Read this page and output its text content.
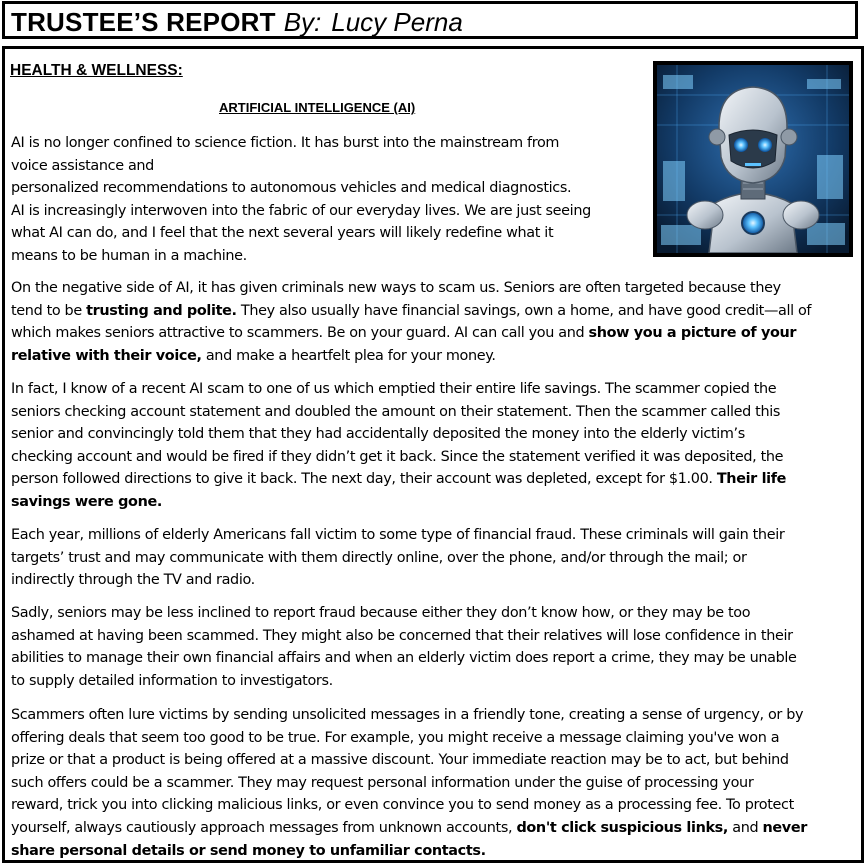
TRUSTEE’S REPORT By: Lucy Perna
HEALTH & WELLNESS:
ARTIFICIAL INTELLIGENCE (AI)

AI is no longer confined to science fiction. It has burst into the mainstream from
voice assistance and
personalized recommendations to autonomous vehicles and medical diagnostics.
AI is increasingly interwoven into the fabric of our everyday lives. We are just seeing
what AI can do, and I feel that the next several years will likely redefine what it
means to be human in a machine.

On the negative side of AI, it has given criminals new ways to scam us. Seniors are often targeted because they
tend to be trusting and polite. They also usually have financial savings, own a home, and have good credit—all of
which makes seniors attractive to scammers. Be on your guard. AI can call you and show you a picture of your
relative with their voice, and make a heartfelt plea for your money.

In fact, I know of a recent AI scam to one of us which emptied their entire life savings. The scammer copied the
seniors checking account statement and doubled the amount on their statement. Then the scammer called this
senior and convincingly told them that they had accidentally deposited the money into the elderly victim’s
checking account and would be fired if they didn’t get it back. Since the statement verified it was deposited, the
person followed directions to give it back. The next day, their account was depleted, except for $1.00. Their life
savings were gone.

Each year, millions of elderly Americans fall victim to some type of financial fraud. These criminals will gain their
targets’ trust and may communicate with them directly online, over the phone, and/or through the mail; or
indirectly through the TV and radio.

Sadly, seniors may be less inclined to report fraud because either they don’t know how, or they may be too
ashamed at having been scammed. They might also be concerned that their relatives will lose confidence in their
abilities to manage their own financial affairs and when an elderly victim does report a crime, they may be unable
to supply detailed information to investigators.

Scammers often lure victims by sending unsolicited messages in a friendly tone, creating a sense of urgency, or by
offering deals that seem too good to be true. For example, you might receive a message claiming you've won a
prize or that a product is being offered at a massive discount. Your immediate reaction may be to act, but behind
such offers could be a scammer. They may request personal information under the guise of processing your
reward, trick you into clicking malicious links, or even convince you to send money as a processing fee. To protect
yourself, always cautiously approach messages from unknown accounts, don't click suspicious links, and never
share personal details or send money to unfamiliar contacts.
